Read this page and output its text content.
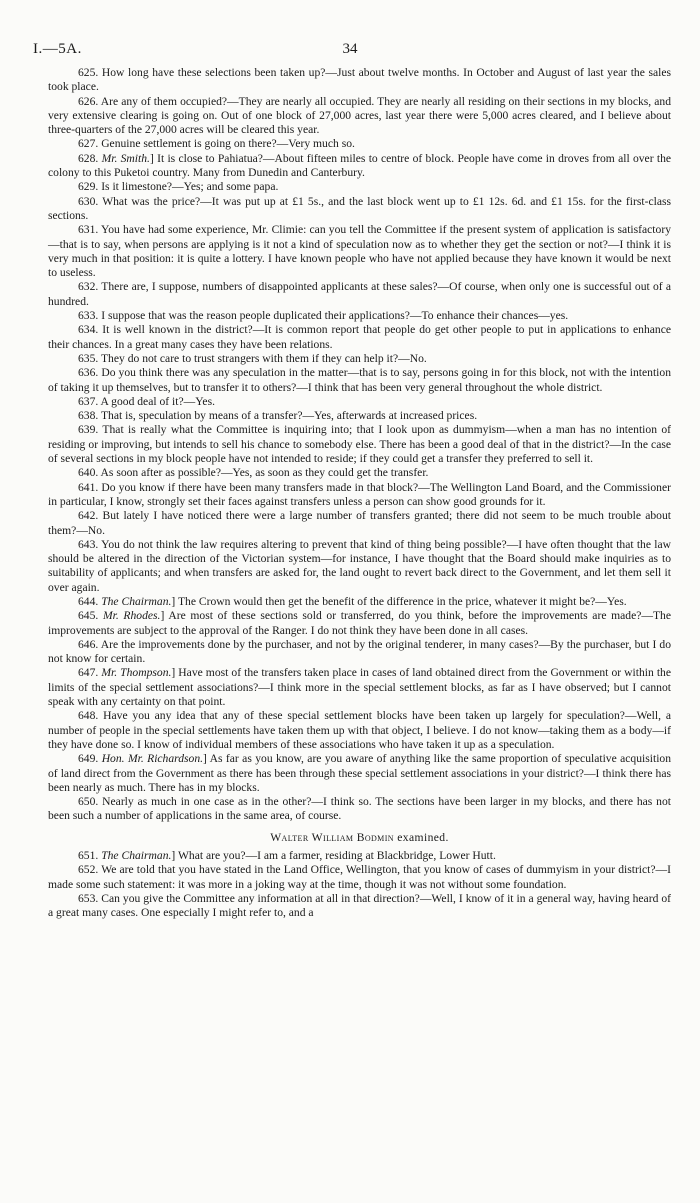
I.—5A.	34

625. How long have these selections been taken up?—Just about twelve months. In October and August of last year the sales took place.

626. Are any of them occupied?—They are nearly all occupied. They are nearly all residing on their sections in my blocks, and very extensive clearing is going on. Out of one block of 27,000 acres, last year there were 5,000 acres cleared, and I believe about three-quarters of the 27,000 acres will be cleared this year.

627. Genuine settlement is going on there?—Very much so.

628. Mr. Smith.] It is close to Pahiatua?—About fifteen miles to centre of block. People have come in droves from all over the colony to this Puketoi country. Many from Dunedin and Canterbury.

629. Is it limestone?—Yes; and some papa.

630. What was the price?—It was put up at £1 5s., and the last block went up to £1 12s. 6d. and £1 15s. for the first-class sections.

631. You have had some experience, Mr. Climie: can you tell the Committee if the present system of application is satisfactory—that is to say, when persons are applying is it not a kind of speculation now as to whether they get the section or not?—I think it is very much in that position: it is quite a lottery. I have known people who have not applied because they have known it would be next to useless.

632. There are, I suppose, numbers of disappointed applicants at these sales?—Of course, when only one is successful out of a hundred.

633. I suppose that was the reason people duplicated their applications?—To enhance their chances—yes.

634. It is well known in the district?—It is common report that people do get other people to put in applications to enhance their chances. In a great many cases they have been relations.

635. They do not care to trust strangers with them if they can help it?—No.

636. Do you think there was any speculation in the matter—that is to say, persons going in for this block, not with the intention of taking it up themselves, but to transfer it to others?—I think that has been very general throughout the whole district.

637. A good deal of it?—Yes.

638. That is, speculation by means of a transfer?—Yes, afterwards at increased prices.

639. That is really what the Committee is inquiring into; that I look upon as dummyism—when a man has no intention of residing or improving, but intends to sell his chance to somebody else. There has been a good deal of that in the district?—In the case of several sections in my block people have not intended to reside; if they could get a transfer they preferred to sell it.

640. As soon after as possible?—Yes, as soon as they could get the transfer.

641. Do you know if there have been many transfers made in that block?—The Wellington Land Board, and the Commissioner in particular, I know, strongly set their faces against transfers unless a person can show good grounds for it.

642. But lately I have noticed there were a large number of transfers granted; there did not seem to be much trouble about them?—No.

643. You do not think the law requires altering to prevent that kind of thing being possible?—I have often thought that the law should be altered in the direction of the Victorian system—for instance, I have thought that the Board should make inquiries as to suitability of applicants; and when transfers are asked for, the land ought to revert back direct to the Government, and let them sell it over again.

644. The Chairman.] The Crown would then get the benefit of the difference in the price, whatever it might be?—Yes.

645. Mr. Rhodes.] Are most of these sections sold or transferred, do you think, before the improvements are made?—The improvements are subject to the approval of the Ranger. I do not think they have been done in all cases.

646. Are the improvements done by the purchaser, and not by the original tenderer, in many cases?—By the purchaser, but I do not know for certain.

647. Mr. Thompson.] Have most of the transfers taken place in cases of land obtained direct from the Government or within the limits of the special settlement associations?—I think more in the special settlement blocks, as far as I have observed; but I cannot speak with any certainty on that point.

648. Have you any idea that any of these special settlement blocks have been taken up largely for speculation?—Well, a number of people in the special settlements have taken them up with that object, I believe. I do not know—taking them as a body—if they have done so. I know of individual members of these associations who have taken it up as a speculation.

649. Hon. Mr. Richardson.] As far as you know, are you aware of anything like the same proportion of speculative acquisition of land direct from the Government as there has been through these special settlement associations in your district?—I think there has been nearly as much. There has in my blocks.

650. Nearly as much in one case as in the other?—I think so. The sections have been larger in my blocks, and there has not been such a number of applications in the same area, of course.

Walter William Bodmin examined.

651. The Chairman.] What are you?—I am a farmer, residing at Blackbridge, Lower Hutt.

652. We are told that you have stated in the Land Office, Wellington, that you know of cases of dummyism in your district?—I made some such statement: it was more in a joking way at the time, though it was not without some foundation.

653. Can you give the Committee any information at all in that direction?—Well, I know of it in a general way, having heard of a great many cases. One especially I might refer to, and a
